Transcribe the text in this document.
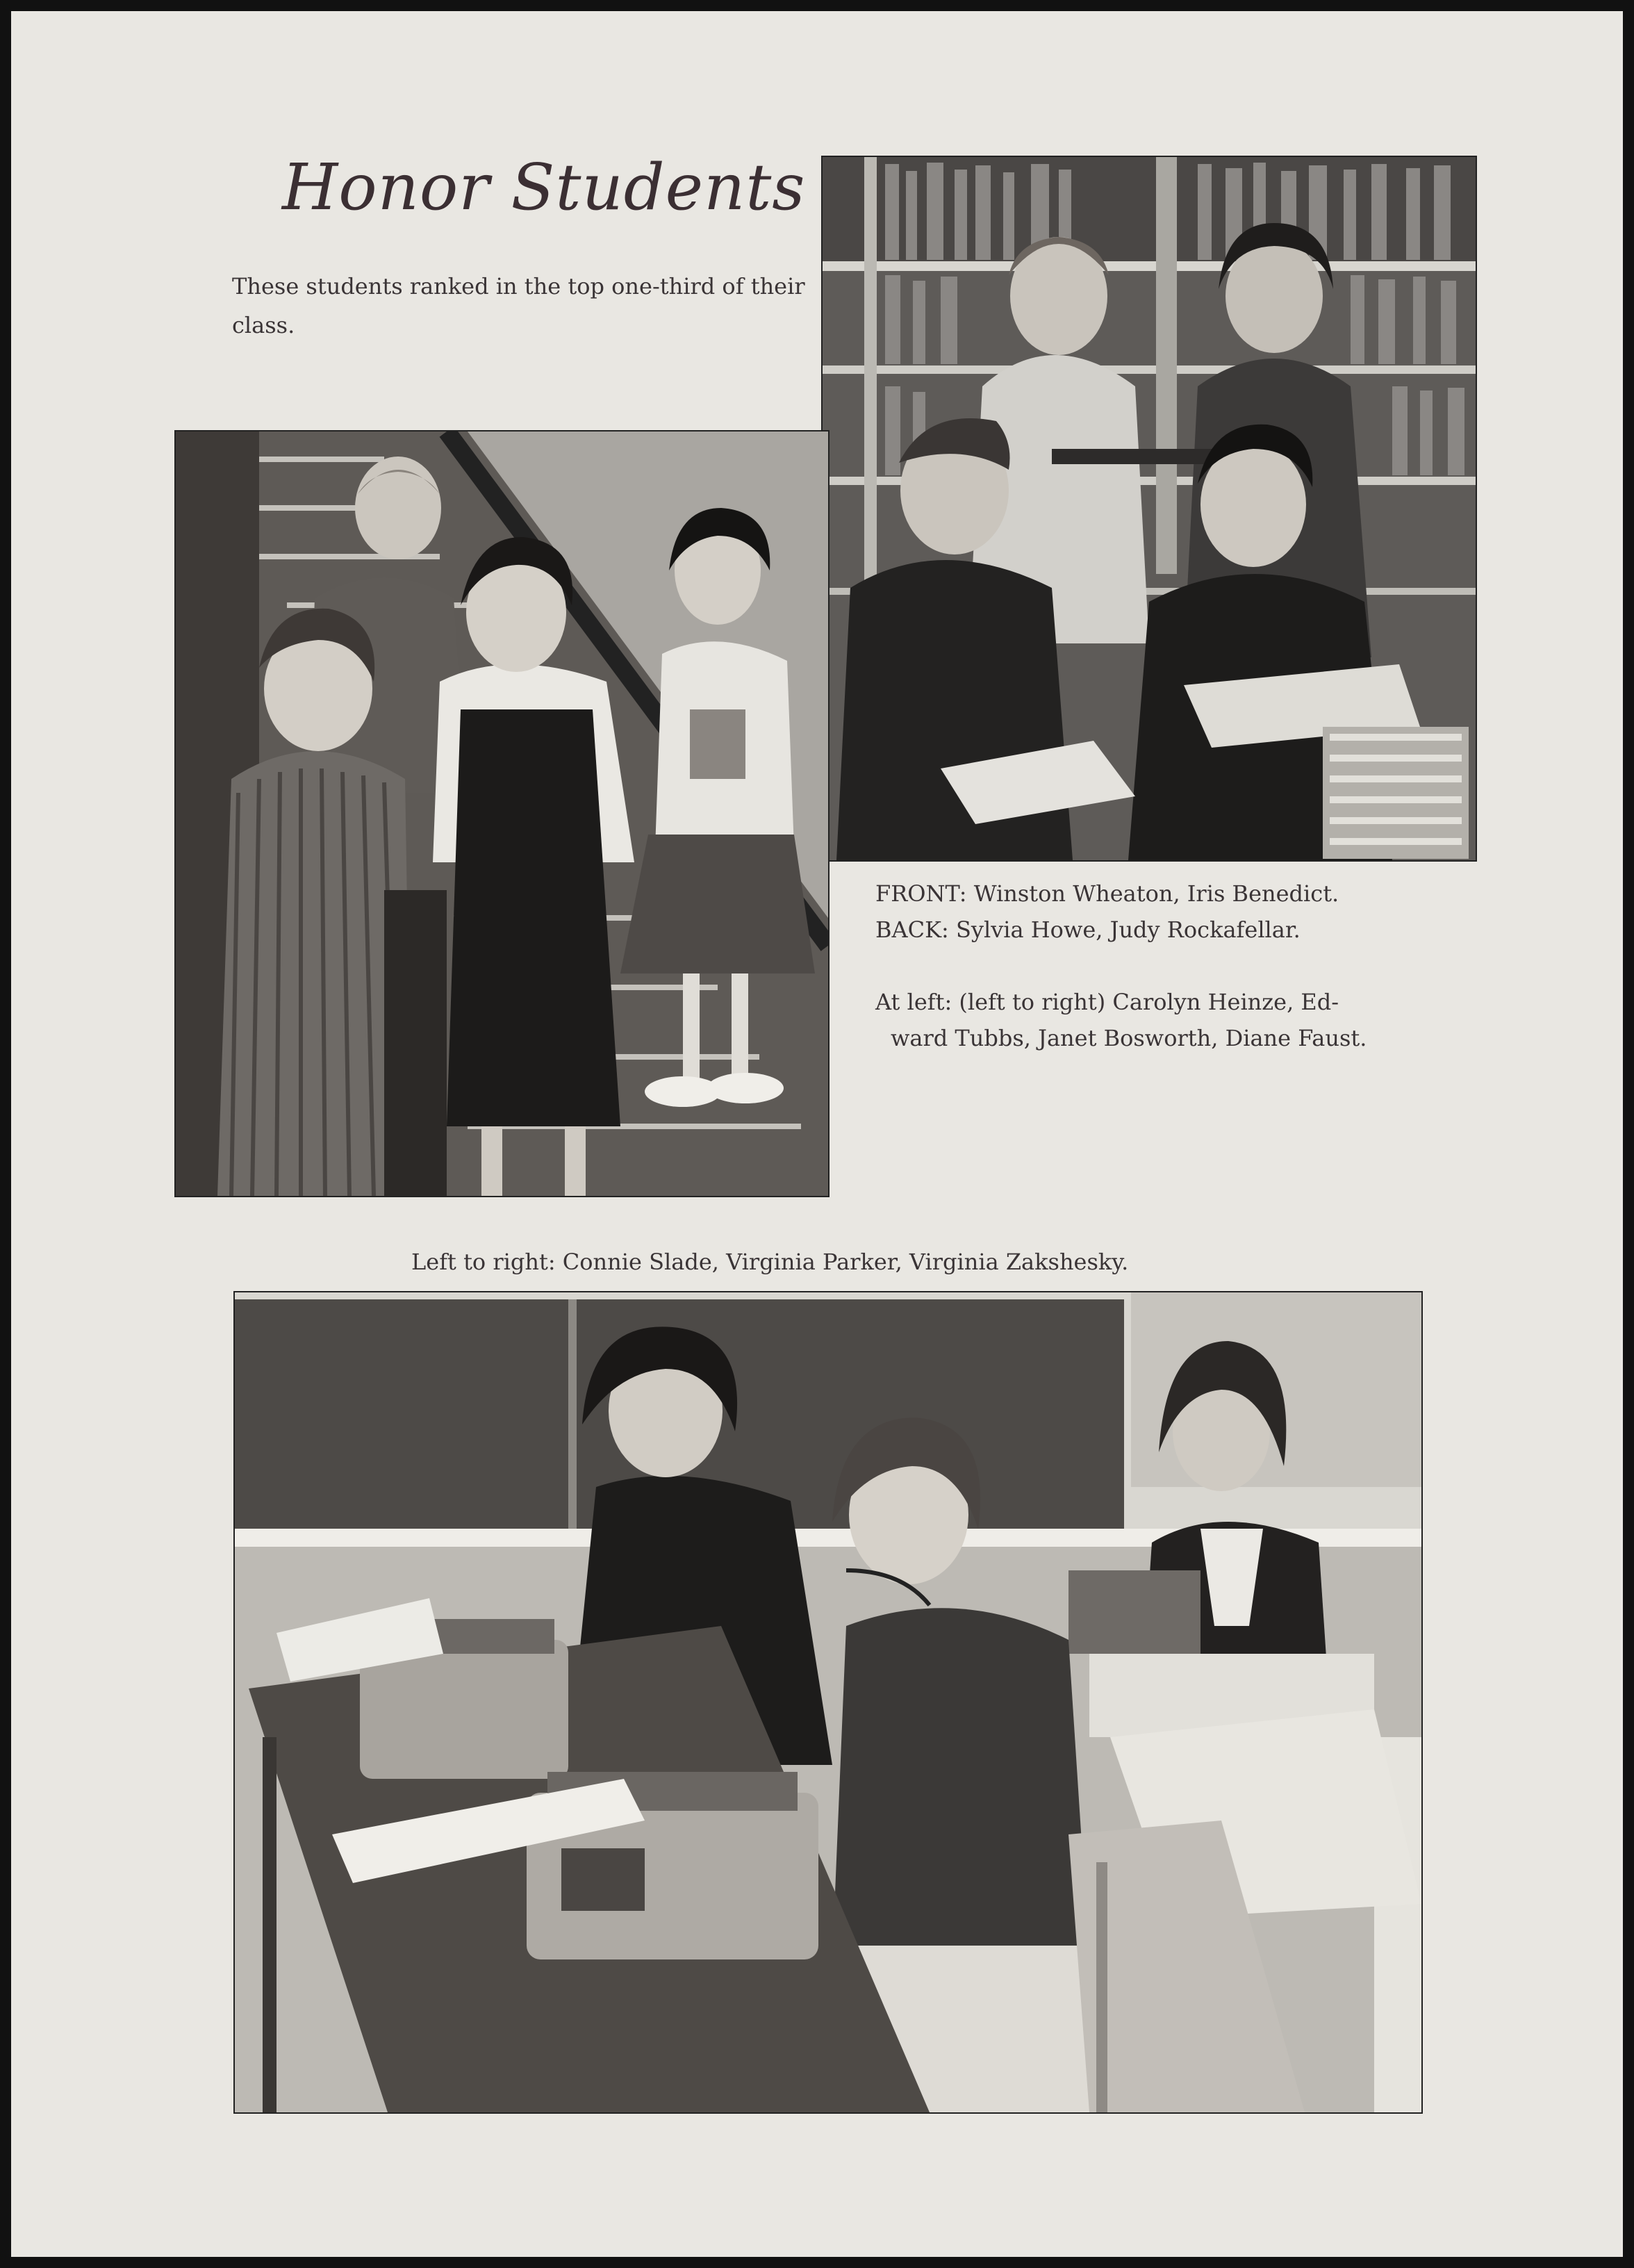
Honor Students
These students ranked in the top one-third of their class.
FRONT: Winston Wheaton, Iris Benedict.
BACK: Sylvia Howe, Judy Rockafellar.
At left: (left to right) Carolyn Heinze, Ed-
ward Tubbs, Janet Bosworth, Diane Faust.
Left to right: Connie Slade, Virginia Parker, Virginia Zakshesky.
